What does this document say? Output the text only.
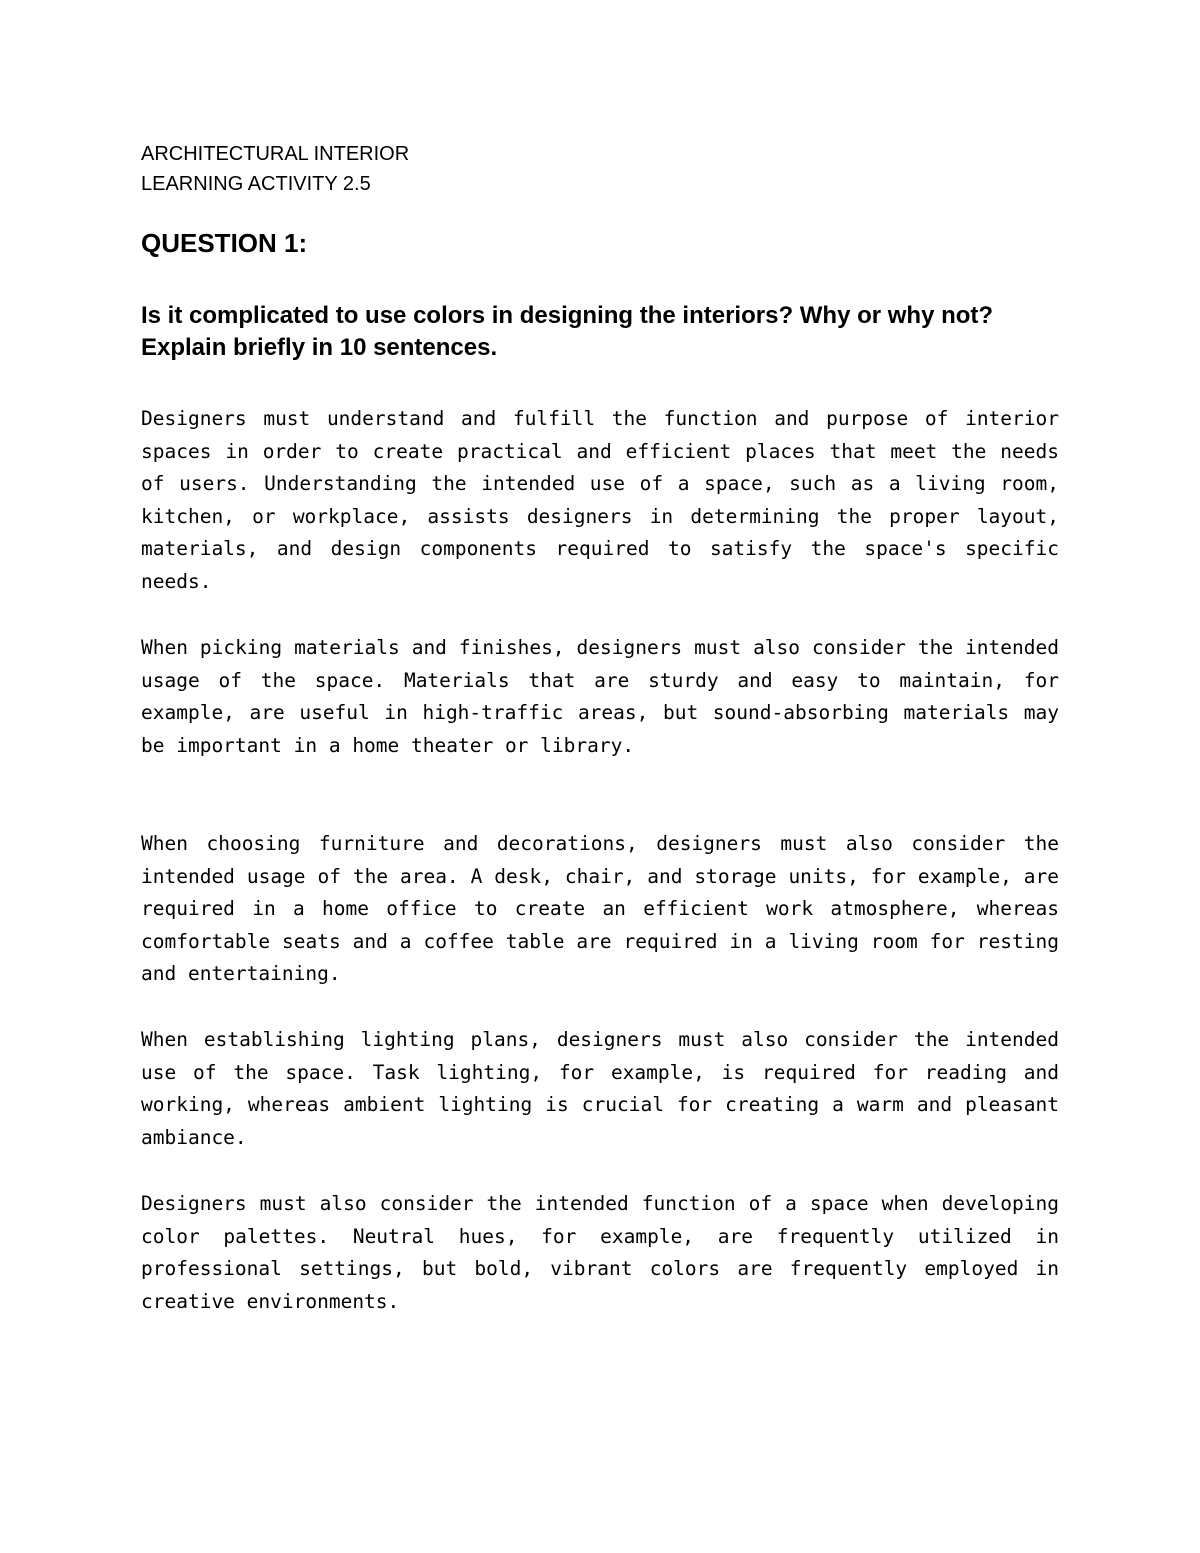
ARCHITECTURAL INTERIOR
LEARNING ACTIVITY 2.5
QUESTION 1:

Is it complicated to use colors in designing the interiors? Why or why not? Explain briefly in 10 sentences.

Designers must understand and fulfill the function and purpose of interior spaces in order to create practical and efficient places that meet the needs of users. Understanding the intended use of a space, such as a living room, kitchen, or workplace, assists designers in determining the proper layout, materials, and design components required to satisfy the space's specific needs.

When picking materials and finishes, designers must also consider the intended usage of the space. Materials that are sturdy and easy to maintain, for example, are useful in high-traffic areas, but sound-absorbing materials may be important in a home theater or library.

When choosing furniture and decorations, designers must also consider the intended usage of the area. A desk, chair, and storage units, for example, are required in a home office to create an efficient work atmosphere, whereas comfortable seats and a coffee table are required in a living room for resting and entertaining.

When establishing lighting plans, designers must also consider the intended use of the space. Task lighting, for example, is required for reading and working, whereas ambient lighting is crucial for creating a warm and pleasant ambiance.

Designers must also consider the intended function of a space when developing color palettes. Neutral hues, for example, are frequently utilized in professional settings, but bold, vibrant colors are frequently employed in creative environments.
